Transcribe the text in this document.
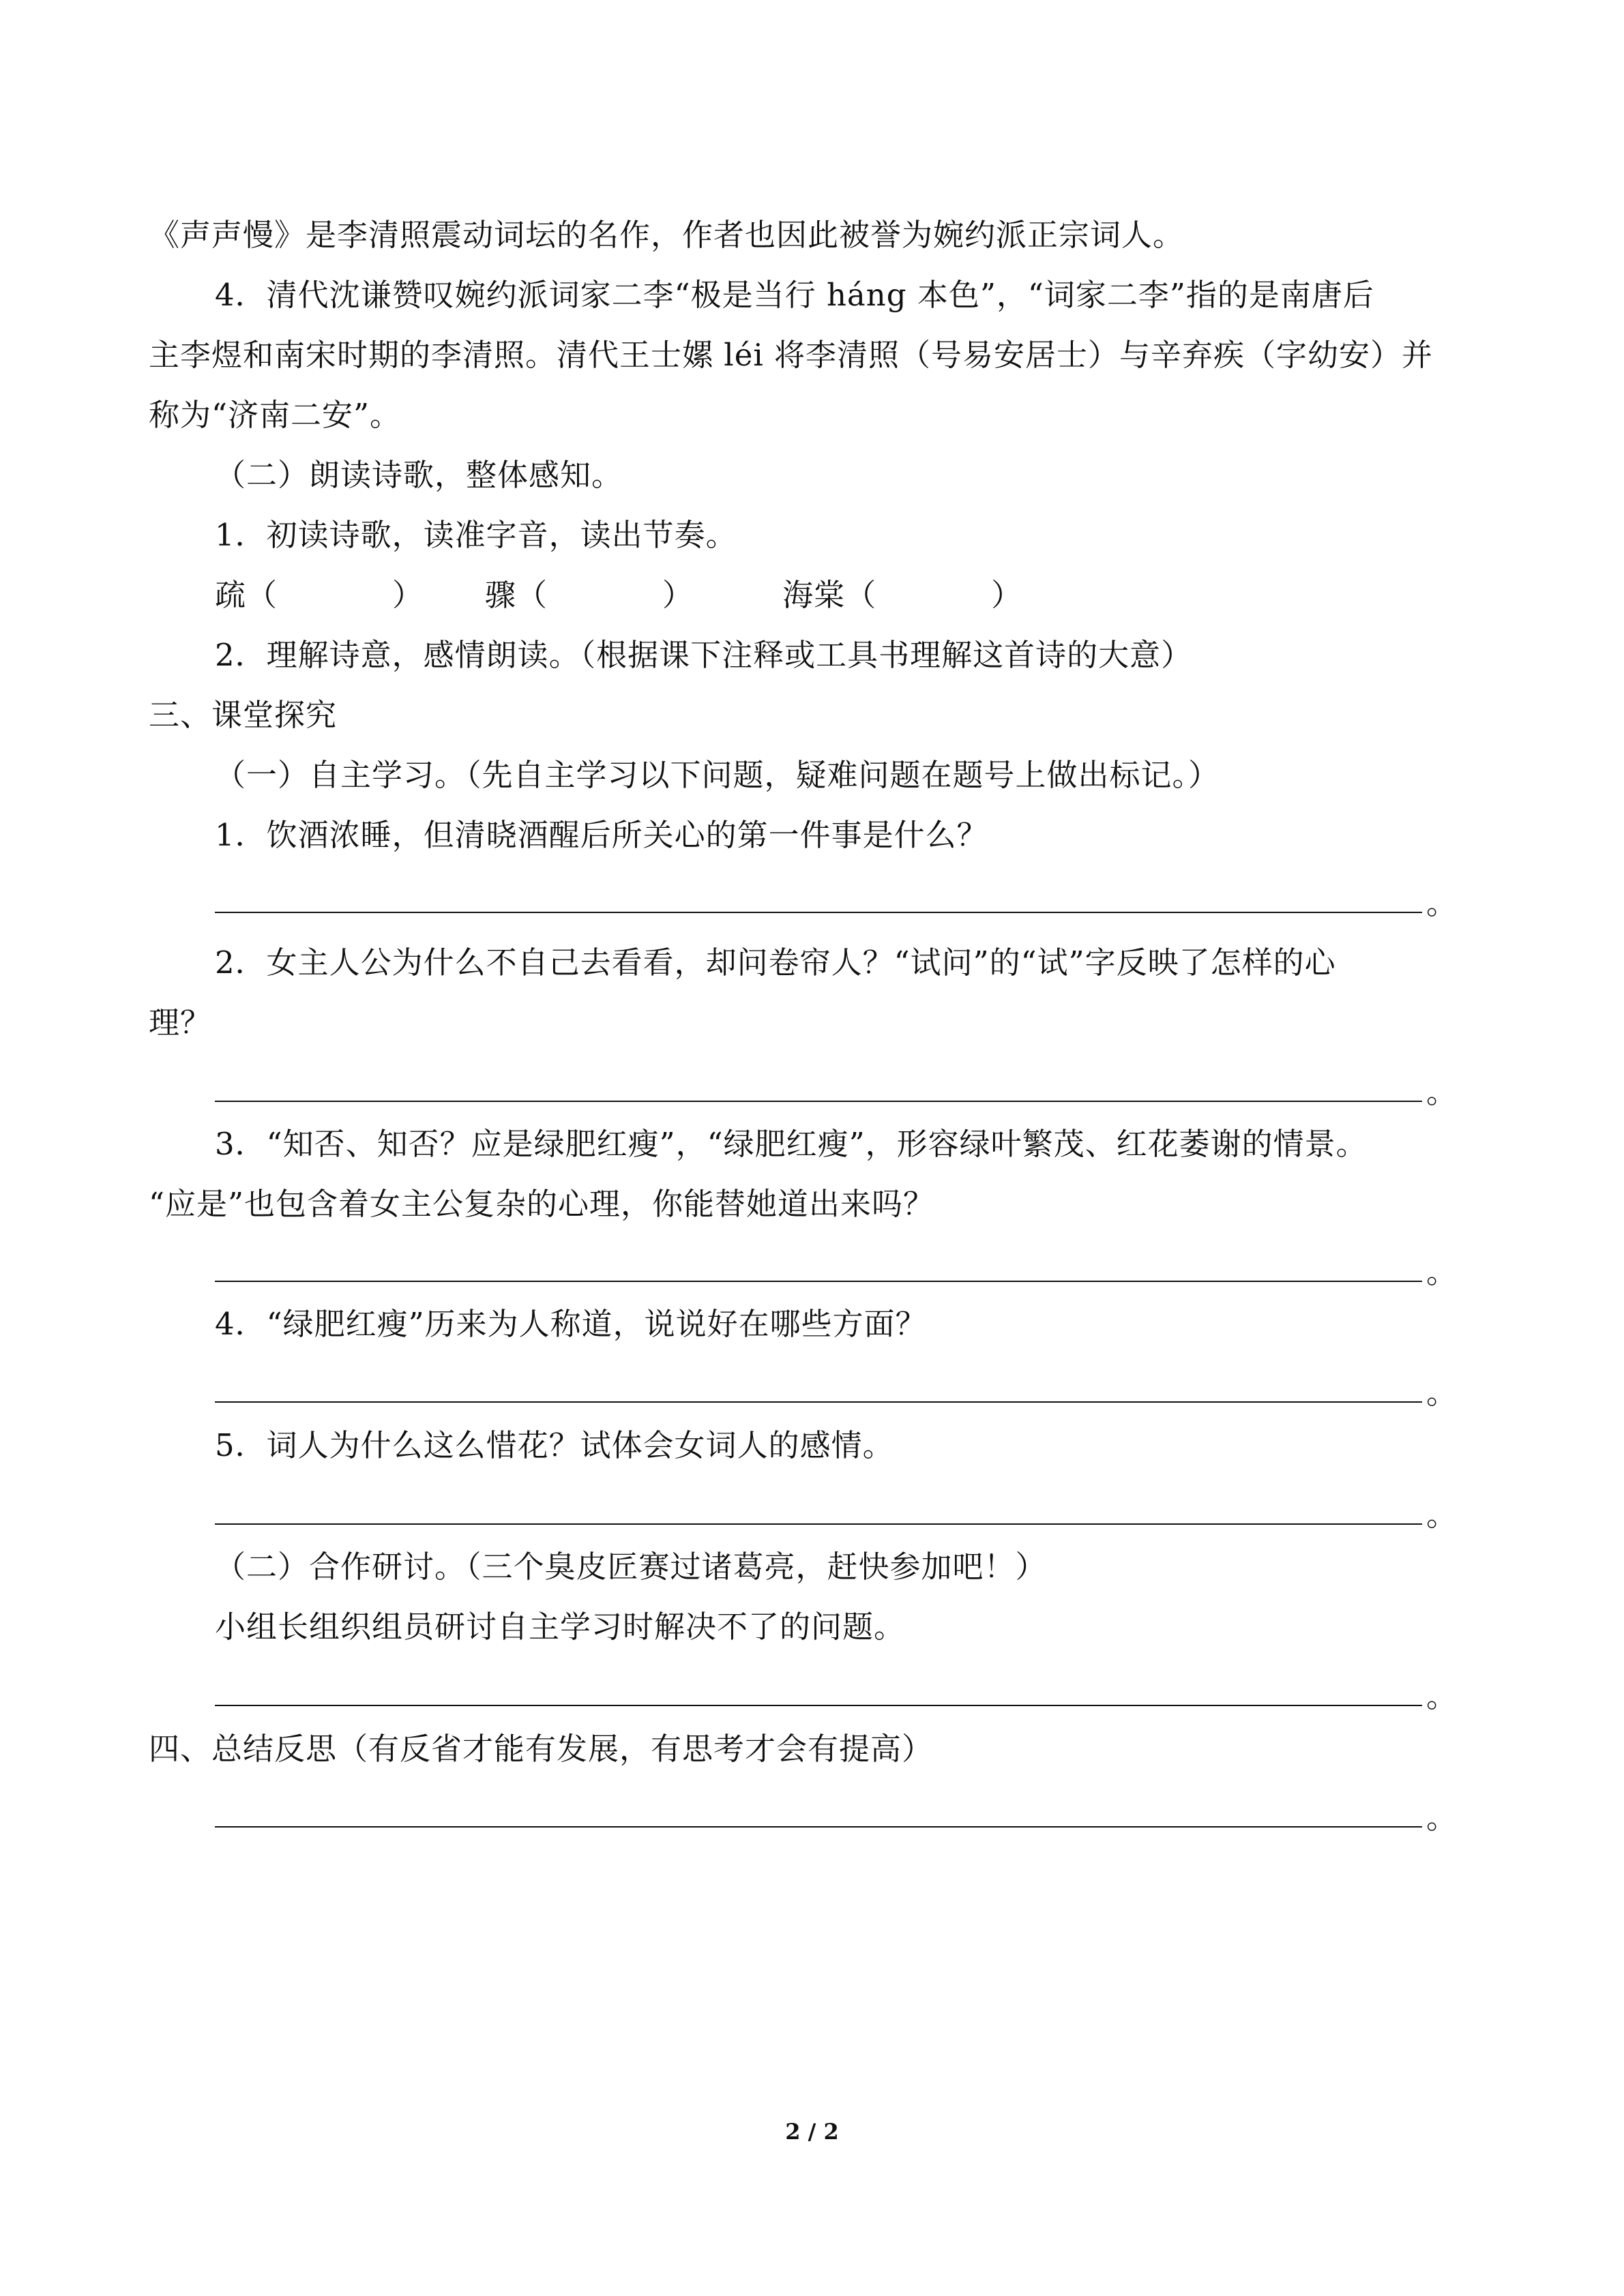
《声声慢》是李清照震动词坛的名作，作者也因此被誉为婉约派正宗词人。
4．清代沈谦赞叹婉约派词家二李“极是当行 háng 本色”，“词家二李”指的是南唐后
主李煜和南宋时期的李清照。清代王士嫘 léi 将李清照（号易安居士）与辛弃疾（字幼安）并
称为“济南二安”。
（二）朗读诗歌，整体感知。
1．初读诗歌，读准字音，读出节奏。
疏（	） 骤（	）	海棠（	）
2．理解诗意，感情朗读。（根据课下注释或工具书理解这首诗的大意）
三、课堂探究
（一）自主学习。（先自主学习以下问题，疑难问题在题号上做出标记。）
1．饮酒浓睡，但清晓酒醒后所关心的第一件事是什么？
。
2．女主人公为什么不自己去看看，却问卷帘人？“试问”的“试”字反映了怎样的心
理？
。
3．“知否、知否？应是绿肥红瘦”，“绿肥红瘦”，形容绿叶繁茂、红花萎谢的情景。
“应是”也包含着女主公复杂的心理，你能替她道出来吗？
。
4．“绿肥红瘦”历来为人称道，说说好在哪些方面？
。
5．词人为什么这么惜花？试体会女词人的感情。
。
（二）合作研讨。（三个臭皮匠赛过诸葛亮，赶快参加吧！）
小组长组织组员研讨自主学习时解决不了的问题。
。
四、总结反思（有反省才能有发展，有思考才会有提高）
。
2 / 2
